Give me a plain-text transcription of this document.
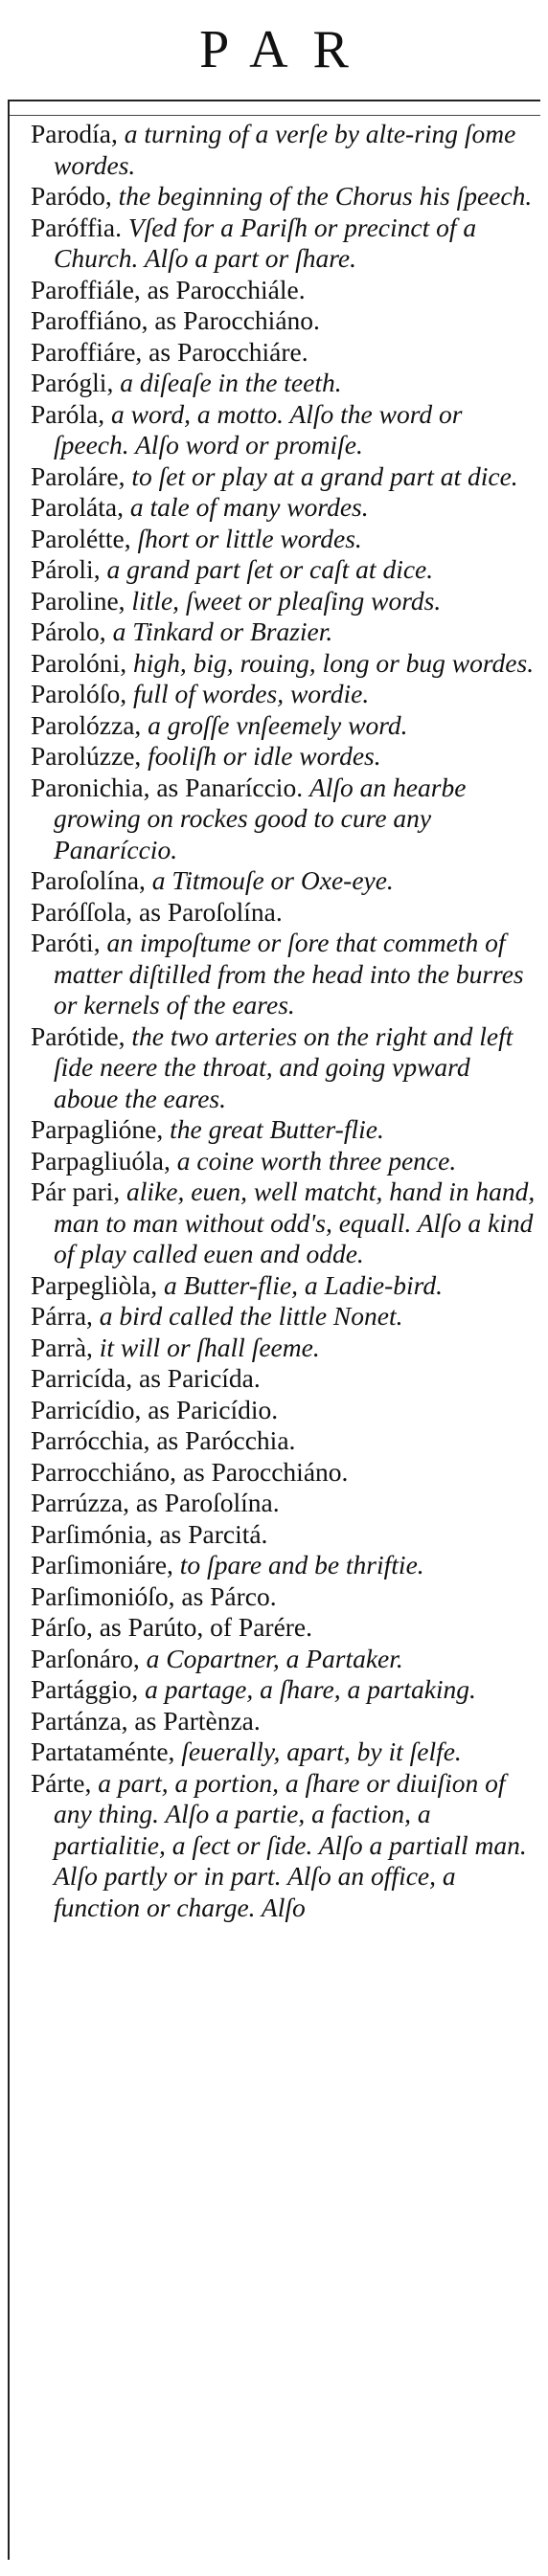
PAR

Parodía, a turning of a verſe by alte-ring ſome wordes.

Paródo, the beginning of the Chorus his ſpeech.

Paróffia. Vſed for a Pariſh or precinct of a Church. Alſo a part or ſhare.

Paroffiále, as Parocchiále.

Paroffiáno, as Parocchiáno.

Paroffiáre, as Parocchiáre.

Parógli, a diſeaſe in the teeth.

Paróla, a word, a motto. Alſo the word or ſpeech. Alſo word or promiſe.

Paroláre, to ſet or play at a grand part at dice.

Paroláta, a tale of many wordes.

Parolétte, ſhort or little wordes.

Pároli, a grand part ſet or caſt at dice.

Paroline, litle, ſweet or pleaſing words.

Párolo, a Tinkard or Brazier.

Parolóni, high, big, rouing, long or bug wordes.

Parolóſo, full of wordes, wordie.

Parolózza, a groſſe vnſeemely word.

Parolúzze, fooliſh or idle wordes.

Paronichia, as Panaríccio. Alſo an hearbe growing on rockes good to cure any Panaríccio.

Paroſolína, a Titmouſe or Oxe-eye.

Paróſſola, as Paroſolína.

Paróti, an impoſtume or ſore that commeth of matter diſtilled from the head into the burres or kernels of the eares.

Parótide, the two arteries on the right and left ſide neere the throat, and going vpward aboue the eares.

Parpaglióne, the great Butter-flie.

Parpagliuóla, a coine worth three pence.

Pár pari, alike, euen, well matcht, hand in hand, man to man without odd's, equall. Alſo a kind of play called euen and odde.

Parpegliòla, a Butter-flie, a Ladie-bird.

Párra, a bird called the little Nonet.

Parrà, it will or ſhall ſeeme.

Parricída, as Paricída.

Parricídio, as Paricídio.

Parrócchia, as Parócchia.

Parrocchiáno, as Parocchiáno.

Parrúzza, as Paroſolína.

Parſimónia, as Parcitá.

Parſimoniáre, to ſpare and be thriftie.

Parſimonióſo, as Párco.

Párſo, as Parúto, of Parére.

Parſonáro, a Copartner, a Partaker.

Partággio, a partage, a ſhare, a partaking.

Partánza, as Partènza.

Partataménte, ſeuerally, apart, by it ſelfe.

Párte, a part, a portion, a ſhare or diuiſion of any thing. Alſo a partie, a faction, a partialitie, a ſect or ſide. Alſo a partiall man. Alſo partly or in part. Alſo an office, a function or charge. Alſo
